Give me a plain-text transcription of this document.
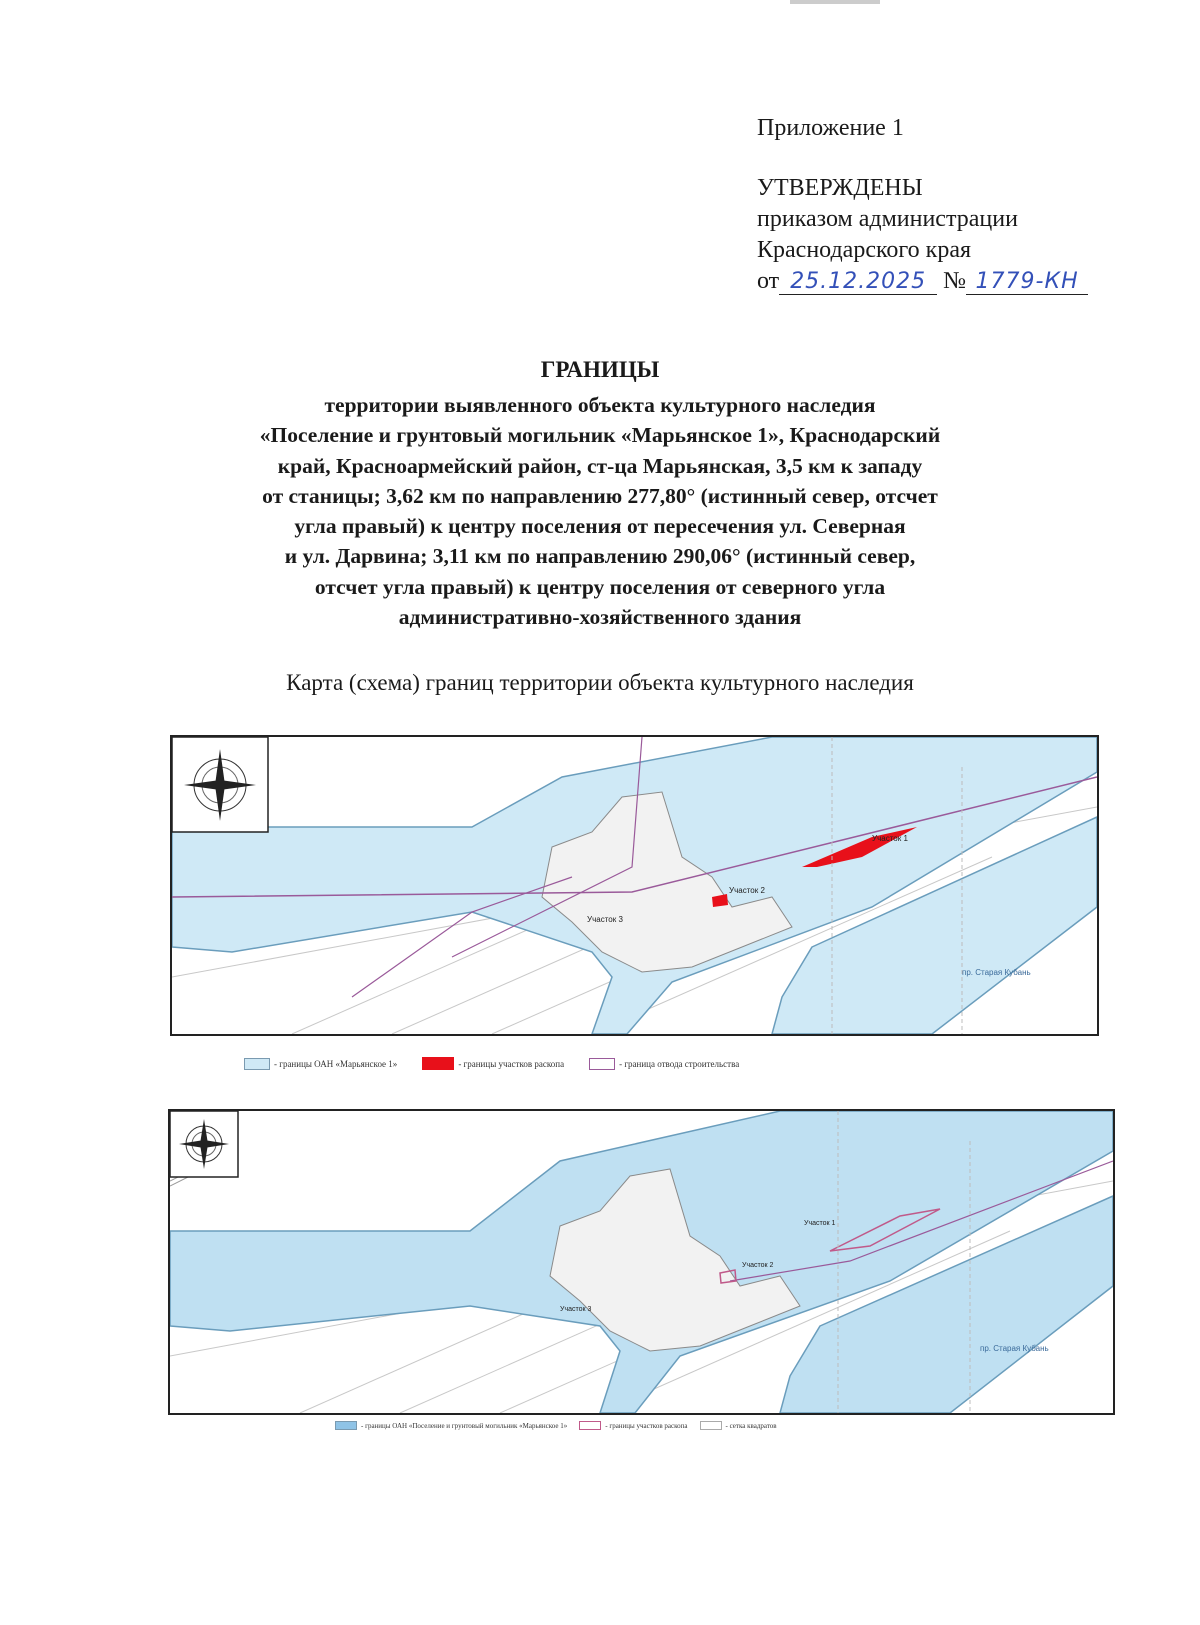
Приложение 1
УТВЕРЖДЕНЫ
приказом администрации
Краснодарского края
от 25.12.2025 № 1779-КН
ГРАНИЦЫ
территории выявленного объекта культурного наследия
«Поселение и грунтовый могильник «Марьянское 1», Краснодарский
край, Красноармейский район, ст-ца Марьянская, 3,5 км к западу
от станицы; 3,62 км по направлению 277,80° (истинный север, отсчет
угла правый) к центру поселения от пересечения ул. Северная
и ул. Дарвина; 3,11 км по направлению 290,06° (истинный север,
отсчет угла правый) к центру поселения от северного угла
административно-хозяйственного здания
Карта (схема) границ территории объекта культурного наследия
Участок 1
Участок 2
Участок 3
пр. Старая Кубань
- границы ОАН «Марьянское 1»	- границы участков раскопа	- граница отвода строительства
Участок 1
Участок 2
Участок 3
пр. Старая Кубань
- границы ОАН «Поселение и грунтовый могильник «Марьянское 1»	- границы участков раскопа	- сетка квадратов
